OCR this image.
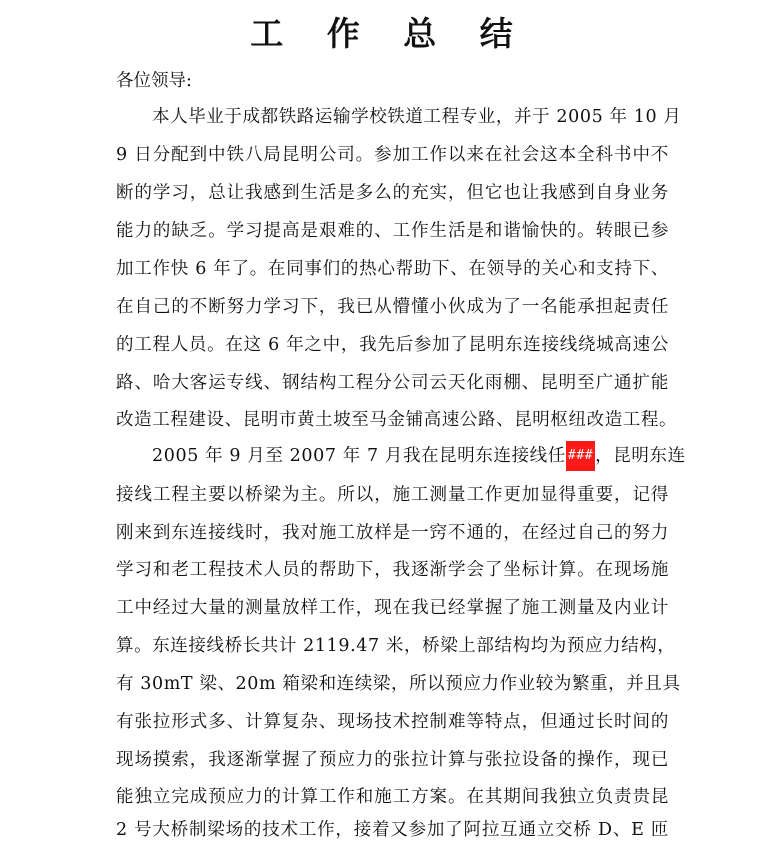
工 作 总 结
各位领导:
本人毕业于成都铁路运输学校铁道工程专业，并于 2005 年 10 月
9 日分配到中铁八局昆明公司。参加工作以来在社会这本全科书中不
断的学习，总让我感到生活是多么的充实，但它也让我感到自身业务
能力的缺乏。学习提高是艰难的、工作生活是和谐愉快的。转眼已参
加工作快 6 年了。在同事们的热心帮助下、在领导的关心和支持下、
在自己的不断努力学习下，我已从懵懂小伙成为了一名能承担起责任
的工程人员。在这 6 年之中，我先后参加了昆明东连接线绕城高速公
路、哈大客运专线、钢结构工程分公司云天化雨棚、昆明至广通扩能
改造工程建设、昆明市黄土坡至马金铺高速公路、昆明枢纽改造工程。
2005 年 9 月至 2007 年 7 月我在昆明东连接线任 ### ，昆明东连
接线工程主要以桥梁为主。所以，施工测量工作更加显得重要，记得
刚来到东连接线时，我对施工放样是一窍不通的，在经过自己的努力
学习和老工程技术人员的帮助下，我逐渐学会了坐标计算。在现场施
工中经过大量的测量放样工作，现在我已经掌握了施工测量及内业计
算。东连接线桥长共计 2119.47 米，桥梁上部结构均为预应力结构，
有 30mT 梁、20m 箱梁和连续梁，所以预应力作业较为繁重，并且具
有张拉形式多、计算复杂、现场技术控制难等特点，但通过长时间的
现场摸索，我逐渐掌握了预应力的张拉计算与张拉设备的操作，现已
能独立完成预应力的计算工作和施工方案。在其期间我独立负责贵昆
2 号大桥制梁场的技术工作，接着又参加了阿拉互通立交桥 D、E 匝
